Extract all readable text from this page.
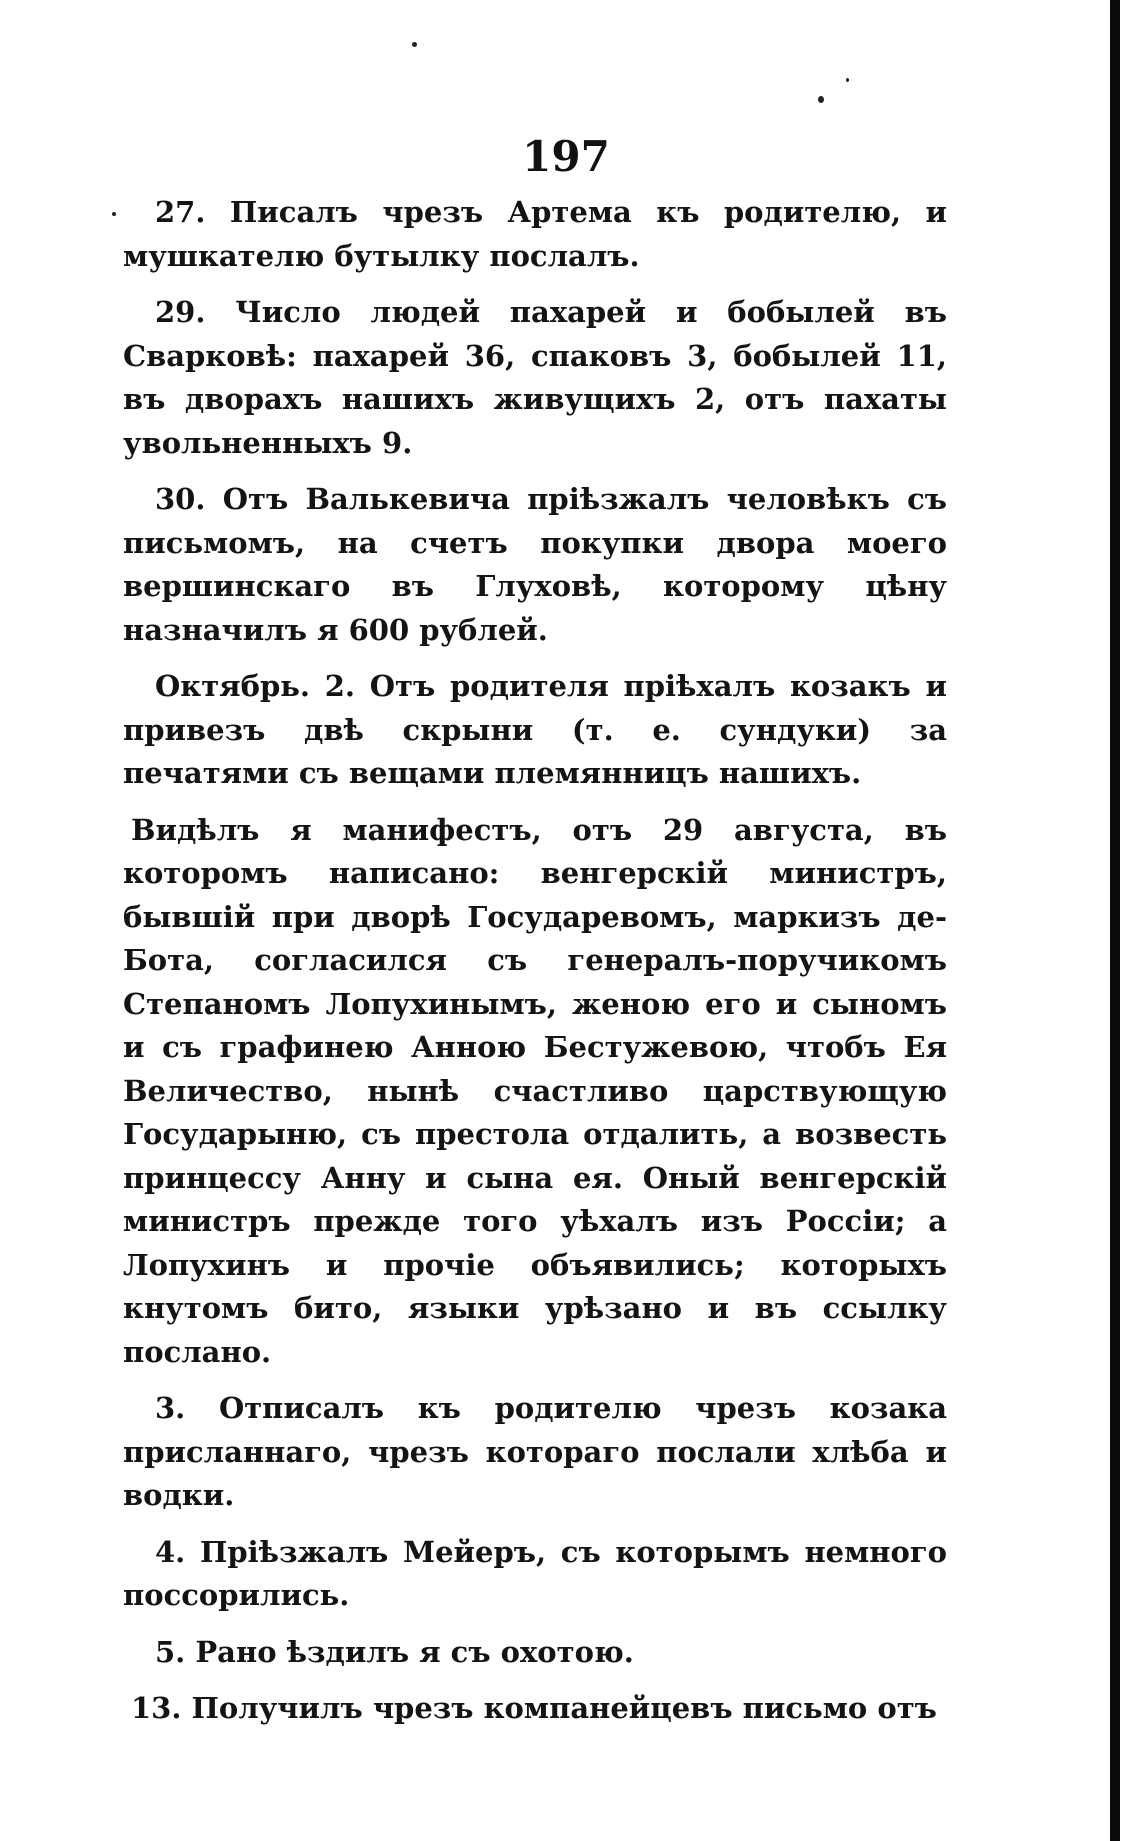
197

27. Писалъ чрезъ Артема къ родителю, и мушкателю бутылку послалъ.

29. Число людей пахарей и бобылей въ Сварковѣ: пахарей 36, спаковъ 3, бобылей 11, въ дворахъ нашихъ живущихъ 2, отъ пахаты увольненныхъ 9.

30. Отъ Валькевича пріѣзжалъ человѣкъ съ письмомъ, на счетъ покупки двора моего вершинскаго въ Глуховѣ, которому цѣну назначилъ я 600 рублей.

Октябрь. 2. Отъ родителя пріѣхалъ козакъ и привезъ двѣ скрыни (т. е. сундуки) за печатями съ вещами племянницъ нашихъ.

Видѣлъ я манифестъ, отъ 29 августа, въ которомъ написано: венгерскій министръ, бывшій при дворѣ Государевомъ, маркизъ де-Бота, согласился съ генералъ-поручикомъ Степаномъ Лопухинымъ, женою его и сыномъ и съ графинею Анною Бестужевою, чтобъ Ея Величество, нынѣ счастливо царствующую Государыню, съ престола отдалить, а возвесть принцессу Анну и сына ея. Оный венгерскій министръ прежде того уѣхалъ изъ Россіи; а Лопухинъ и прочіе объявились; которыхъ кнутомъ бито, языки урѣзано и въ ссылку послано.

3. Отписалъ къ родителю чрезъ козака присланнаго, чрезъ котораго послали хлѣба и водки.

4. Пріѣзжалъ Мейеръ, съ которымъ немного поссорились.

5. Рано ѣздилъ я съ охотою.

13. Получилъ чрезъ компанейцевъ письмо отъ
